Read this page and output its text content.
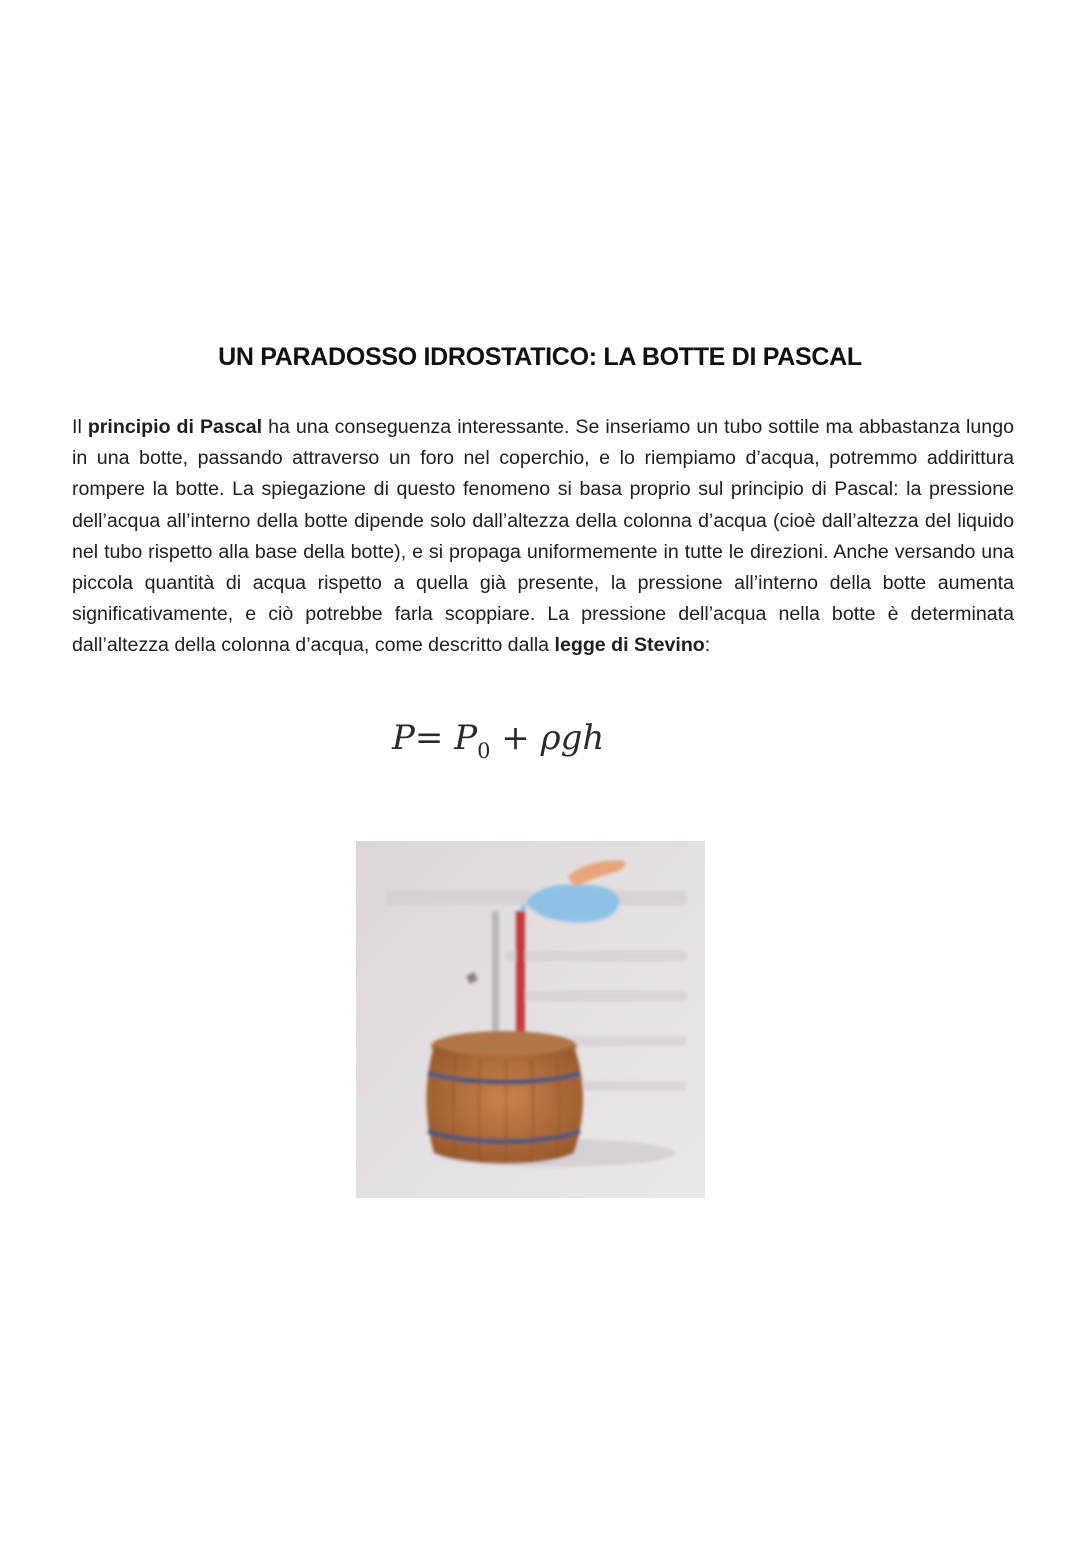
UN PARADOSSO IDROSTATICO: LA BOTTE DI PASCAL

Il principio di Pascal ha una conseguenza interessante. Se inseriamo un tubo sottile ma abbastanza lungo in una botte, passando attraverso un foro nel coperchio, e lo riempiamo d’acqua, potremmo addirittura rompere la botte. La spiegazione di questo fenomeno si basa proprio sul principio di Pascal: la pressione dell’acqua all’interno della botte dipende solo dall’altezza della colonna d’acqua (cioè dall’altezza del liquido nel tubo rispetto alla base della botte), e si propaga uniformemente in tutte le direzioni. Anche versando una piccola quantità di acqua rispetto a quella già presente, la pressione all’interno della botte aumenta significativamente, e ciò potrebbe farla scoppiare. La pressione dell’acqua nella botte è determinata dall’altezza della colonna d’acqua, come descritto dalla legge di Stevino:

$P= P_0 + \rho gh$
